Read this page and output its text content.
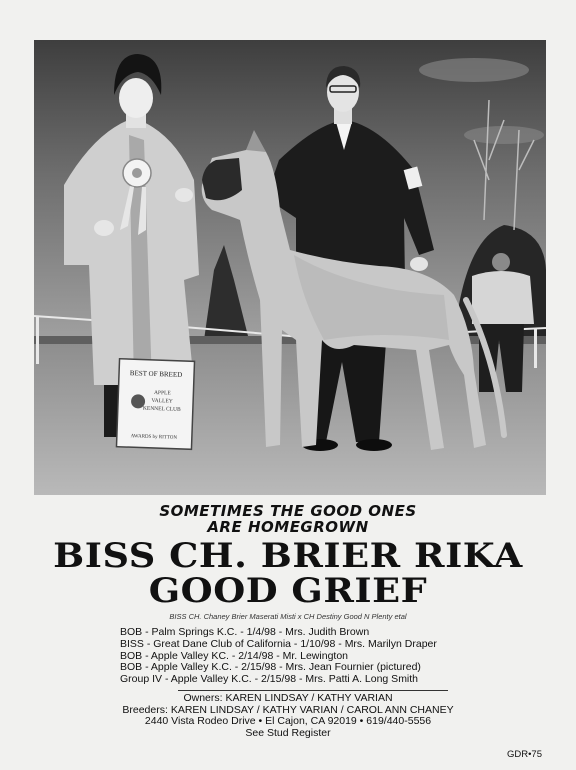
BEST OF BREED
APPLE
VALLEY
KENNEL CLUB
AWARDS by RITTON
SOMETIMES THE GOOD ONES
ARE HOMEGROWN
BISS CH. BRIER RIKA
GOOD GRIEF
BISS CH. Chaney Brier Maserati Misti x CH Destiny Good N Plenty etal
BOB - Palm Springs K.C. - 1/4/98 - Mrs. Judith Brown
BISS - Great Dane Club of California - 1/10/98 - Mrs. Marilyn Draper
BOB - Apple Valley KC. - 2/14/98 - Mr. Lewington
BOB - Apple Valley K.C. - 2/15/98 - Mrs. Jean Fournier (pictured)
Group IV - Apple Valley K.C. - 2/15/98 - Mrs. Patti A. Long Smith
Owners: KAREN LINDSAY / KATHY VARIAN
Breeders: KAREN LINDSAY / KATHY VARIAN / CAROL ANN CHANEY
2440 Vista Rodeo Drive • El Cajon, CA 92019 • 619/440-5556
See Stud Register
GDR•75
